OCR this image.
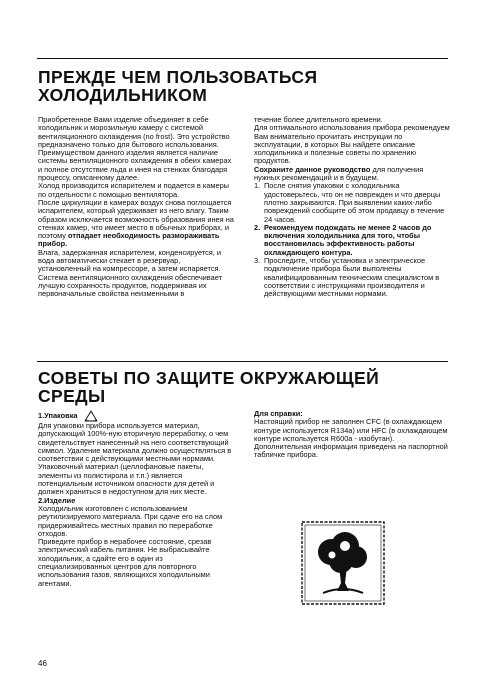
ПРЕЖДЕ ЧЕМ ПОЛЬЗОВАТЬСЯ
ХОЛОДИЛЬНИКОМ

Приобретенное Вами изделие объединяет в себе холодильник и морозильную камеру с системой вентиляционного охлаждения (no frost). Это устройство предназначено только для бытового использования.

Преимуществом данного изделия является наличие системы вентиляционного охлаждения в обеих камерах и полное отсутствие льда и инея на стенках благодаря процессу, описанному далее.

Холод производится испарителем и подается в камеры по отдельности с помощью вентилятора.

После циркуляции в камерах воздух снова поглощается испарителем, который удерживает из него влагу. Таким образом исключается возможность образования инея на стенках камер, что имеет место в обычных приборах, и поэтому отпадает необходимость размораживать прибор.

Влага, задержанная испарителем, конденсируется, и вода автоматически стекает в резервуар, установленный на компрессоре, а затем испаряется.

Система вентиляционного охлаждения обеспечивает лучшую сохранность продуктов, поддерживая их первоначальные свойства неизменными в

течение более длительного времени.

Для оптимального использования прибора рекомендуем Вам внимательно прочитать инструкции по эксплуатации, в которых Вы найдете описание холодильника и полезные советы по хранению продуктов.

Сохраните данное руководство для получения нужных рекомендаций и в будущем.

1. После снятия упаковки с холодильника удостоверьтесь, что он не поврежден и что дверцы плотно закрываются. При выявлении каких-либо повреждений сообщите об этом продавцу в течение 24 часов.
2. Рекомендуем подождать не менее 2 часов до включения холодильника для того, чтобы восстановилась эффективность работы охлаждающего контура.
3. Проследите, чтобы установка и электрическое подключение прибора были выполнены квалифицированным техническим специалистом в соответствии с инструкциями производителя и действующими местными нормами.
СОВЕТЫ ПО ЗАЩИТЕ ОКРУЖАЮЩЕЙ
СРЕДЫ
1.Упаковка

Для упаковки прибора используется материал, допускающий 100%-ную вторичную переработку, о чем свидетельствует нанесенный на него соответствующий символ. Удаление материала должно осуществляться в соответствии с действующими местными нормами.

Упаковочный материал (целлофановые пакеты, элементы из полистирола и т.п.) является потенциальным источником опасности для детей и должен храниться в недоступном для них месте.

2.Изделие

Холодильник изготовлен с использованием реутилизируемого материала. При сдаче его на слом придерживайтесь местных правил по переработке отходов.

Приведите прибор в нерабочее состояние, срезав электрический кабель питания. Не выбрасывайте холодильник, а сдайте его в один из специализированных центров для повторного использования газов, являющихся холодильными агентами.

Для справки:

Настоящий прибор не заполнен CFC (в охлаждающем контуре используется R134a) или HFC (в охлаждающем контуре используется R600a - изобутан).

Дополнительная информация приведена на паспортной табличке прибора.

46
